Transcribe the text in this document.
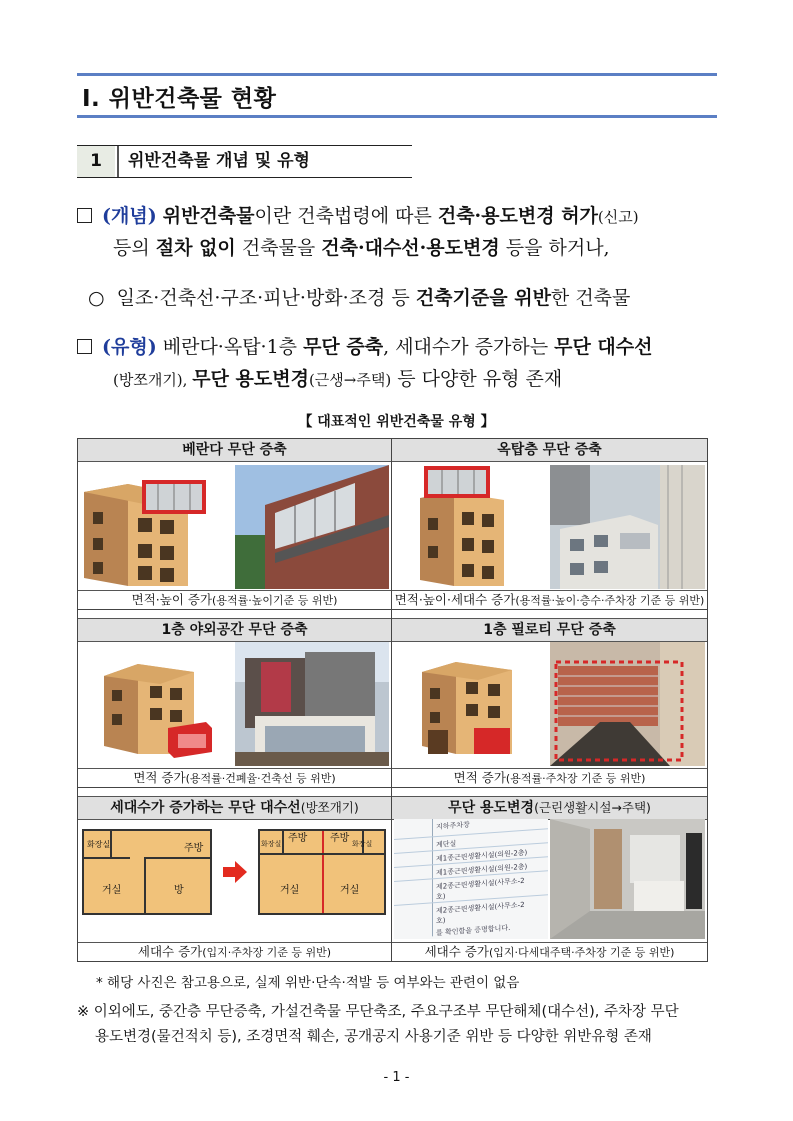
Ⅰ. 위반건축물 현황
1	위반건축물 개념 및 유형
(개념) 위반건축물이란 건축법령에 따른 건축·용도변경 허가(신고)
등의 절차 없이 건축물을 건축·대수선·용도변경 등을 하거나,
○ 일조·건축선·구조·피난·방화·조경 등 건축기준을 위반한 건축물
(유형) 베란다·옥탑·1층 무단 증축, 세대수가 증가하는 무단 대수선
(방쪼개기), 무단 용도변경(근생→주택) 등 다양한 유형 존재
【 대표적인 위반건축물 유형 】
베란다 무단 증축	옥탑층 무단 증축
면적·높이 증가(용적률·높이기준 등 위반)	면적·높이·세대수 증가(용적률·높이·층수·주차장 기준 등 위반)
1층 야외공간 무단 증축	1층 필로티 무단 증축
면적 증가(용적률·건폐율·건축선 등 위반)	면적 증가(용적률·주차장 기준 등 위반)
세대수가 증가하는 무단 대수선(방쪼개기)	무단 용도변경(근린생활시설→주택)
화장실	주방
거실	방
주방 주방
화장실	화장실
거실	거실
지하주차장
계단실
제1종근린생활시설(의원-2층)
제1종근린생활시설(의원-2층)
제2종근린생활시설(사무소-2
호)
제2종근린생활시설(사무소-2
호)
를 확인함을 증명합니다.
세대수 증가(입지·주차장 기준 등 위반)	세대수 증가(입지·다세대주택·주차장 기준 등 위반)
* 해당 사진은 참고용으로, 실제 위반·단속·적발 등 여부와는 관련이 없음
※ 이외에도, 중간층 무단증축, 가설건축물 무단축조, 주요구조부 무단해체(대수선), 주차장 무단
용도변경(물건적치 등), 조경면적 훼손, 공개공지 사용기준 위반 등 다양한 위반유형 존재
- 1 -
